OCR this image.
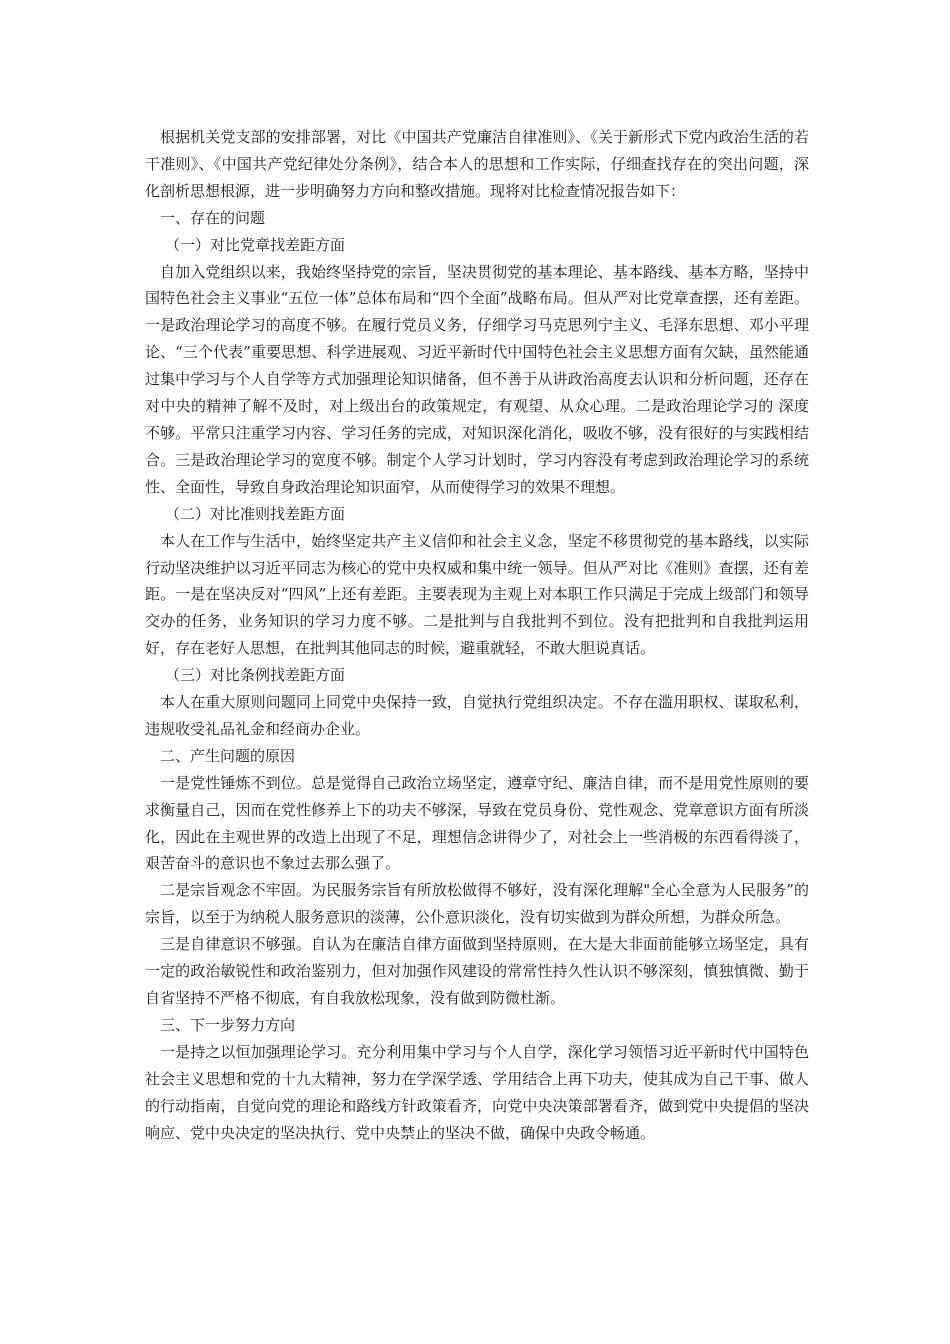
根据机关党支部的安排部署，对比《中国共产党廉洁自律准则》、《关于新形式下党内政治生活的若干准则》、《中国共产党纪律处分条例》，结合本人的思想和工作实际，仔细查找存在的突出问题，深化剖析思想根源，进一步明确努力方向和整改措施。现将对比检查情况报告如下：

一、存在的问题

（一）对比党章找差距方面

自加入党组织以来，我始终坚持党的宗旨，坚决贯彻党的基本理论、基本路线、基本方略，坚持中国特色社会主义事业“五位一体”总体布局和“四个全面”战略布局。但从严对比党章查摆，还有差距。一是政治理论学习的高度不够。在履行党员义务，仔细学习马克思列宁主义、毛泽东思想、邓小平理论、“三个代表”重要思想、科学进展观、习近平新时代中国特色社会主义思想方面有欠缺，虽然能通过集中学习与个人自学等方式加强理论知识储备，但不善于从讲政治高度去认识和分析问题，还存在对中央的精神了解不及时，对上级出台的政策规定，有观望、从众心理。二是政治理论学习的 深度不够。平常只注重学习内容、学习任务的完成，对知识深化消化，吸收不够，没有很好的与实践相结合。三是政治理论学习的宽度不够。制定个人学习计划时，学习内容没有考虑到政治理论学习的系统性、全面性，导致自身政治理论知识面窄，从而使得学习的效果不理想。

（二）对比准则找差距方面

本人在工作与生活中，始终坚定共产主义信仰和社会主义念，坚定不移贯彻党的基本路线，以实际行动坚决维护以习近平同志为核心的党中央权威和集中统一领导。但从严对比《准则》查摆，还有差距。一是在坚决反对“四风”上还有差距。主要表现为主观上对本职工作只满足于完成上级部门和领导交办的任务，业务知识的学习力度不够。二是批判与自我批判不到位。没有把批判和自我批判运用好，存在老好人思想，在批判其他同志的时候，避重就轻，不敢大胆说真话。

（三）对比条例找差距方面

本人在重大原则问题同上同党中央保持一致，自觉执行党组织决定。不存在滥用职权、谋取私利，违规收受礼品礼金和经商办企业。

二、产生问题的原因

一是党性锤炼不到位。总是觉得自己政治立场坚定，遵章守纪、廉洁自律，而不是用党性原则的要求衡量自己，因而在党性修养上下的功夫不够深，导致在党员身份、党性观念、党章意识方面有所淡化，因此在主观世界的改造上出现了不足，理想信念讲得少了，对社会上一些消极的东西看得淡了，艰苦奋斗的意识也不象过去那么强了。

二是宗旨观念不牢固。为民服务宗旨有所放松做得不够好，没有深化理解"全心全意为人民服务”的宗旨，以至于为纳税人服务意识的淡薄，公仆意识淡化，没有切实做到为群众所想，为群众所急。

三是自律意识不够强。自认为在廉洁自律方面做到坚持原则，在大是大非面前能够立场坚定，具有一定的政治敏锐性和政治鉴别力，但对加强作风建设的常常性持久性认识不够深刻，慎独慎微、勤于自省坚持不严格不彻底，有自我放松现象，没有做到防微杜渐。

三、下一步努力方向

一是持之以恒加强理论学习。充分利用集中学习与个人自学，深化学习领悟习近平新时代中国特色社会主义思想和党的十九大精神，努力在学深学透、学用结合上再下功夫，使其成为自己干事、做人的行动指南，自觉向党的理论和路线方针政策看齐，向党中央决策部署看齐，做到党中央提倡的坚决响应、党中央决定的坚决执行、党中央禁止的坚决不做，确保中央政令畅通。
